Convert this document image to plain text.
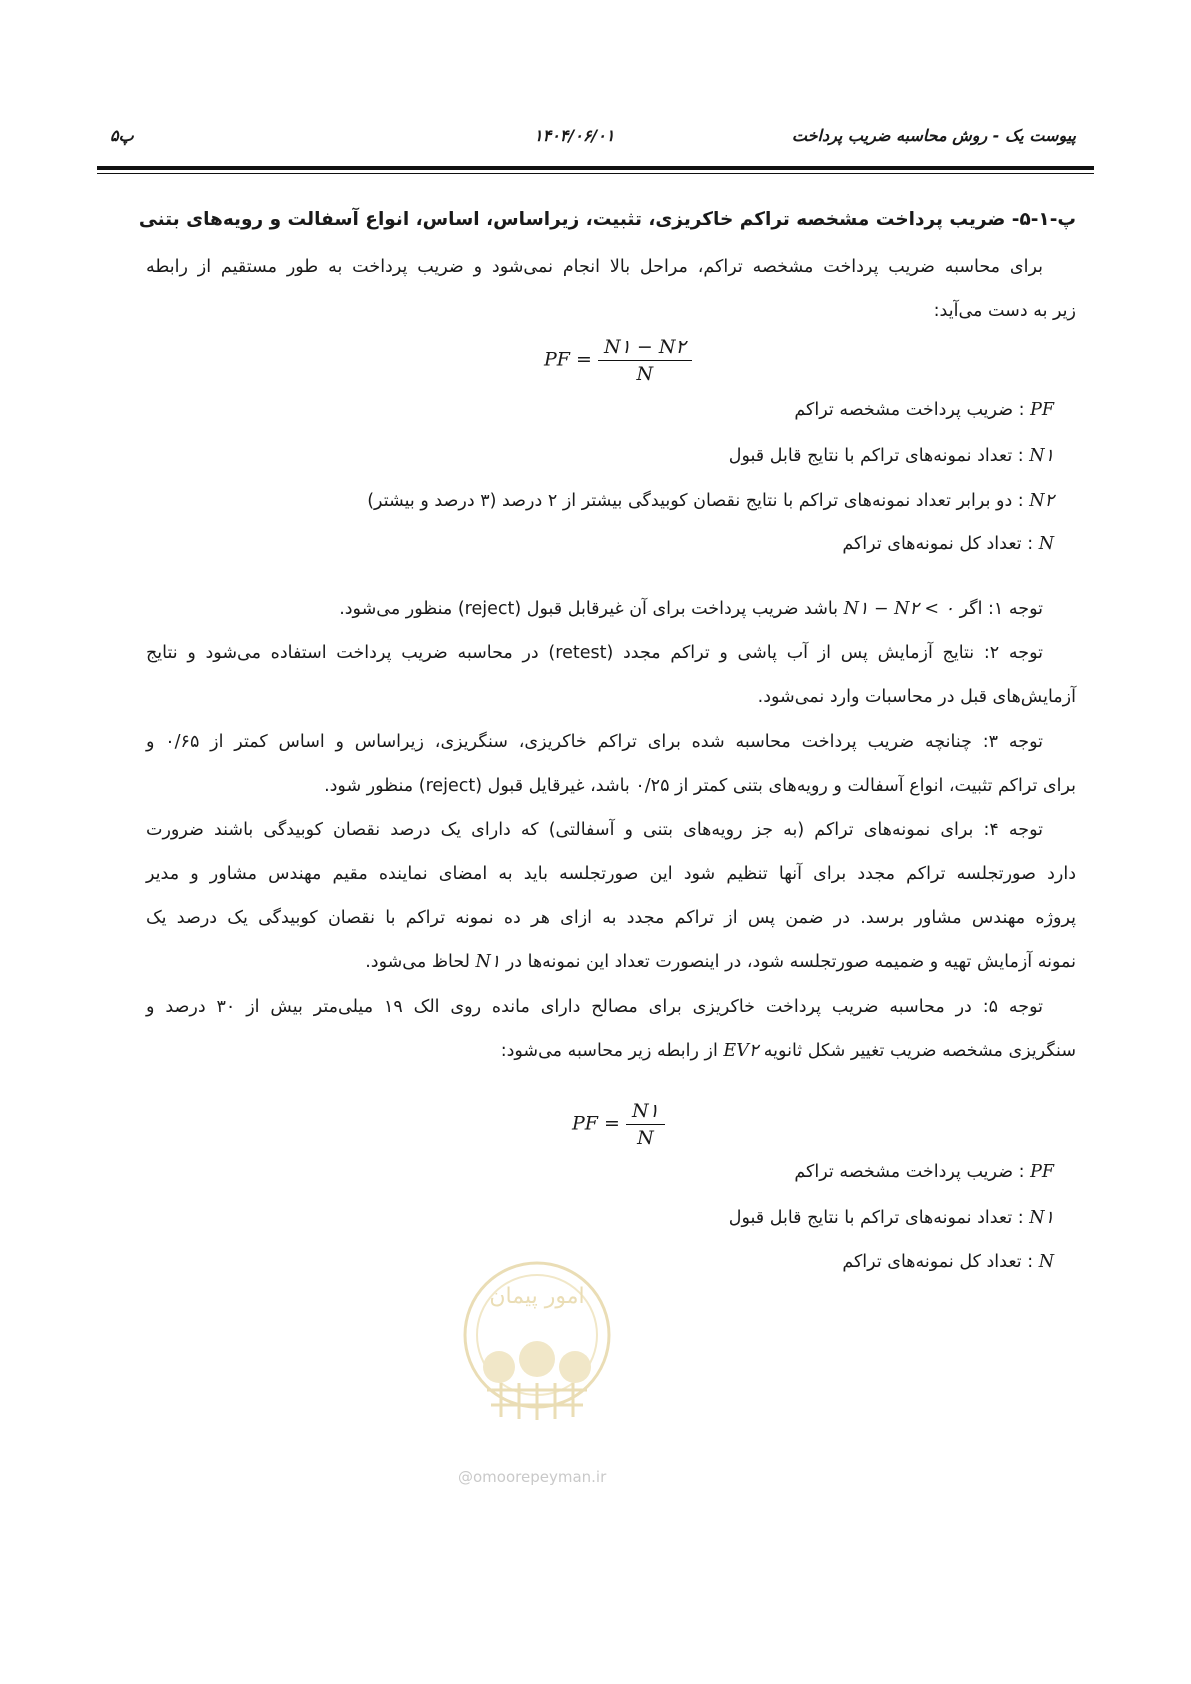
پیوست یک - روش محاسبه ضریب پرداخت
۱۴۰۴/۰۶/۰۱
پ۵
پ-۱-۵- ضریب پرداخت مشخصه تراکم خاکریزی، تثبیت، زیراساس، اساس، انواع آسفالت و رویه‌های بتنی
برای محاسبه ضریب پرداخت مشخصه تراکم، مراحل بالا انجام نمی‌شود و ضریب پرداخت به طور مستقیم از رابطه
زیر به دست می‌آید:
PF = $\frac{N۱ - N۲}{N}$
PF : ضریب پرداخت مشخصه تراکم
N۱ : تعداد نمونه‌های تراکم با نتایج قابل قبول
N۲ : دو برابر تعداد نمونه‌های تراکم با نتایج نقصان کوبیدگی بیشتر از ۲ درصد (۳ درصد و بیشتر)
N : تعداد کل نمونه‌های تراکم
توجه ۱: اگر N۱ − N۲ < ۰ باشد ضریب پرداخت برای آن غیرقابل قبول (reject) منظور می‌شود.
توجه ۲: نتایج آزمایش پس از آب پاشی و تراکم مجدد (retest) در محاسبه ضریب پرداخت استفاده می‌شود و نتایج
آزمایش‌های قبل در محاسبات وارد نمی‌شود.
توجه ۳: چنانچه ضریب پرداخت محاسبه شده برای تراکم خاکریزی، سنگریزی، زیراساس و اساس کمتر از ۰/۶۵ و
برای تراکم تثبیت، انواع آسفالت و رویه‌های بتنی کمتر از ۰/۲۵ باشد، غیرقایل قبول (reject) منظور شود.
توجه ۴: برای نمونه‌های تراکم (به جز رویه‌های بتنی و آسفالتی) که دارای یک درصد نقصان کوبیدگی باشند ضرورت
دارد صورتجلسه تراکم مجدد برای آنها تنظیم شود این صورتجلسه باید به امضای نماینده مقیم مهندس مشاور و مدیر
پروژه مهندس مشاور برسد. در ضمن پس از تراکم مجدد به ازای هر ده نمونه تراکم با نقصان کوبیدگی یک درصد یک
نمونه آزمایش تهیه و ضمیمه صورتجلسه شود، در اینصورت تعداد این نمونه‌ها در N۱ لحاظ می‌شود.
توجه ۵: در محاسبه ضریب پرداخت خاکریزی برای مصالح دارای مانده روی الک ۱۹ میلی‌متر بیش از ۳۰ درصد و
سنگریزی مشخصه ضریب تغییر شکل ثانویه EV۲ از رابطه زیر محاسبه می‌شود:
PF = $\frac{N۱}{N}$
PF : ضریب پرداخت مشخصه تراکم
N۱ : تعداد نمونه‌های تراکم با نتایج قابل قبول
N : تعداد کل نمونه‌های تراکم
امور پیمان
@omoorepeyman.ir
